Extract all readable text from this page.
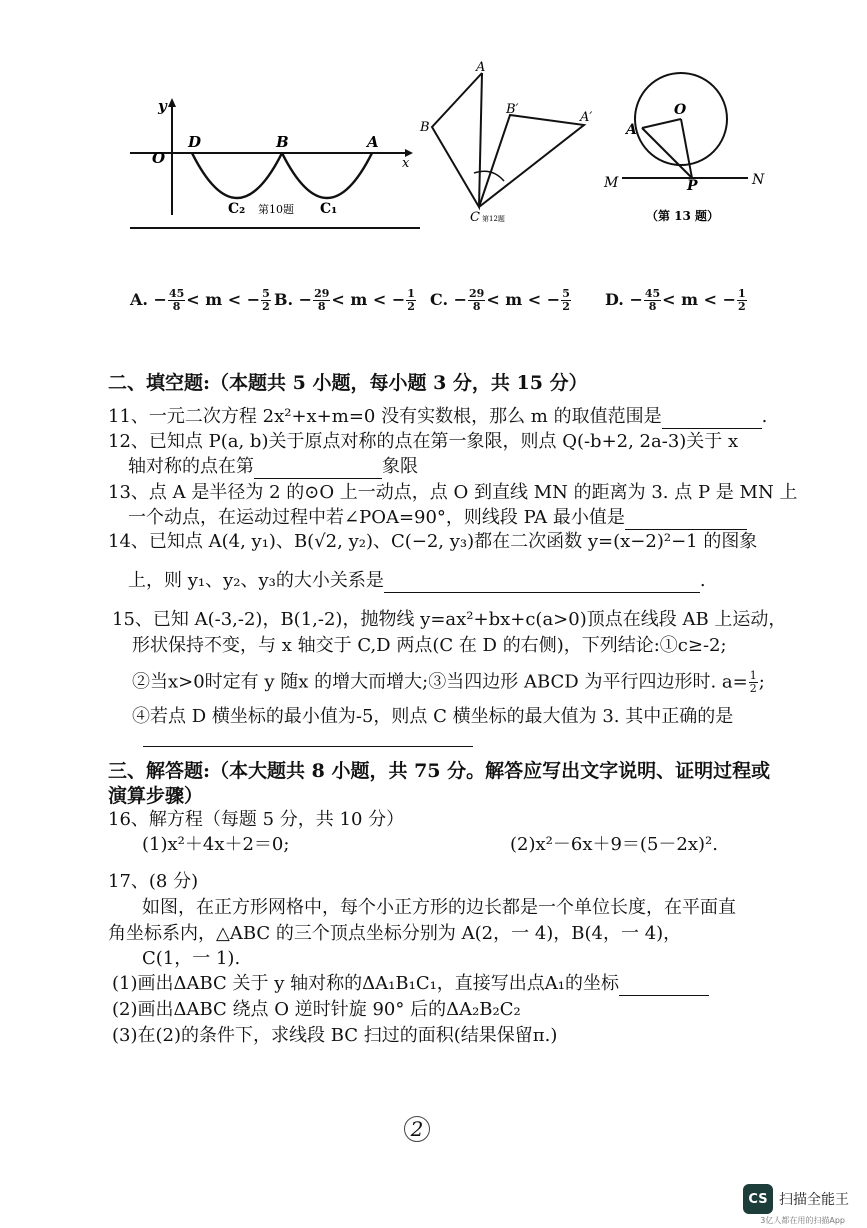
y
x
O
D	B	A
C₂ 第10题 C₁
A
B
B′
A′
C 第12题
O
A
M	P	N
（第 13 题）
A. − $\frac{45}{8} < m$ < − $\frac{5}{2} B$. − $\frac{29}{8} < m$ < − $\frac{1}{2} C$. − $\frac{29}{8} < m$ < − $\frac{5}{2} D$. − $\frac{45}{8} < m$ < − $\frac{1}{2}$
二、填空题:（本题共 5 小题，每小题 3 分，共 15 分）
11、一元二次方程 2x²+x+m=0 没有实数根，那么 m 的取值范围是	.
12、已知点 P(a, b)关于原点对称的点在第一象限，则点 Q(-b+2, 2a-3)关于 x
轴对称的点在第	象限
13、点 A 是半径为 2 的⊙O 上一动点，点 O 到直线 MN 的距离为 3. 点 P 是 MN 上
一个动点，在运动过程中若∠POA=90°，则线段 PA 最小值是
14、已知点 A(4, y₁)、B(√2, y₂)、C(−2, y₃)都在二次函数 y=(x−2)²−1 的图象
上，则 y₁、y₂、y₃的大小关系是	.
15、已知 A(-3,-2)，B(1,-2)，抛物线 y=ax²+bx+c(a>0)顶点在线段 AB 上运动，
形状保持不变，与 x 轴交于 C,D 两点(C 在 D 的右侧)，下列结论:①c≥-2;
②当x>0时定有 y 随x 的增大而增大;③当四边形 ABCD 为平行四边形时. $a= \frac{1}{2}$ ;
④若点 D 横坐标的最小值为-5，则点 C 横坐标的最大值为 3. 其中正确的是
三、解答题:（本大题共 8 小题，共 75 分。解答应写出文字说明、证明过程或
演算步骤）
16、解方程（每题 5 分，共 10 分）
(1)x²＋4x＋2＝0;	(2)x²－6x＋9＝(5－2x)².
17、(8 分)
如图，在正方形网格中，每个小正方形的边长都是一个单位长度，在平面直
角坐标系内，△ABC 的三个顶点坐标分别为 A(2，一 4)，B(4，一 4)，
C(1，一 1).
(1)画出ΔABC 关于 y 轴对称的ΔA₁B₁C₁，直接写出点A₁的坐标
(2)画出ΔABC 绕点 O 逆时针旋 90° 后的ΔA₂B₂C₂
(3)在(2)的条件下，求线段 BC 扫过的面积(结果保留π.)
2
CS 扫描全能王
3亿人都在用的扫描App
